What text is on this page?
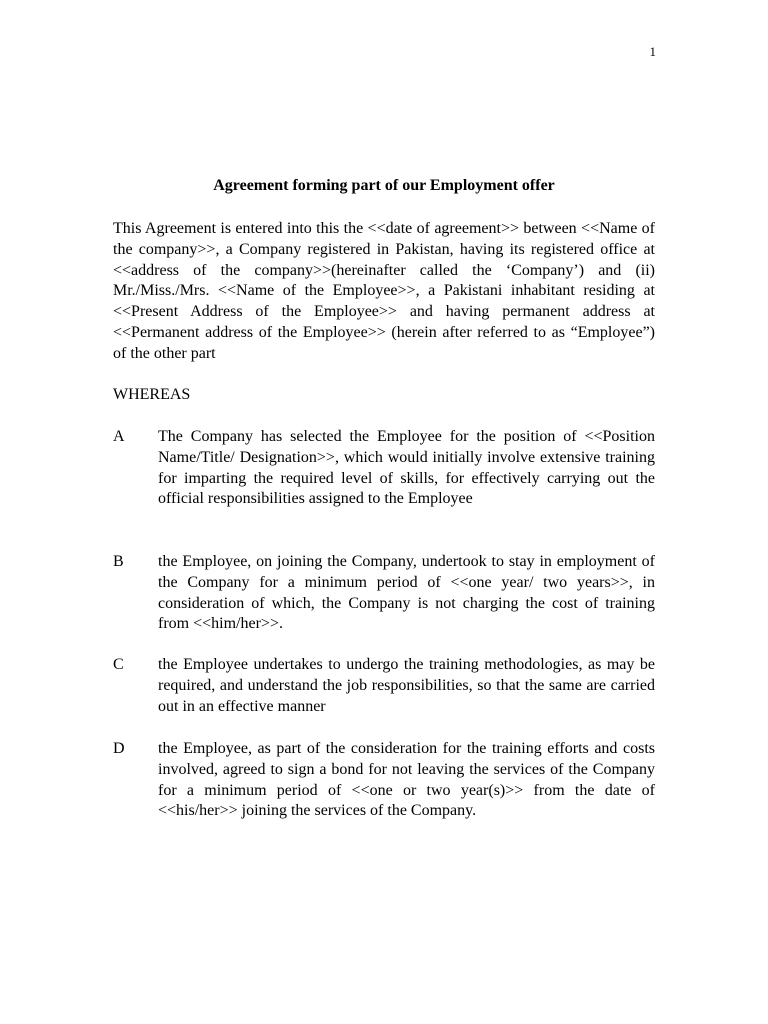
1
Agreement forming part of our Employment offer

This Agreement is entered into this the <<date of agreement>> between <<Name of the company>>, a Company registered in Pakistan, having its registered office at <<address of the company>>(hereinafter called the ‘Company’) and (ii) Mr./Miss./Mrs. <<Name of the Employee>>, a Pakistani inhabitant residing at <<Present Address of the Employee>> and having permanent address at <<Permanent address of the Employee>> (herein after referred to as “Employee”) of the other part

WHEREAS
A	The Company has selected the Employee for the position of <<Position Name/Title/ Designation>>, which would initially involve extensive training for imparting the required level of skills, for effectively carrying out the official responsibilities assigned to the Employee

B	the Employee, on joining the Company, undertook to stay in employment of the Company for a minimum period of <<one year/ two years>>, in consideration of which, the Company is not charging the cost of training from <<him/her>>.

C	the Employee undertakes to undergo the training methodologies, as may be required, and understand the job responsibilities, so that the same are carried out in an effective manner

D	the Employee, as part of the consideration for the training efforts and costs involved, agreed to sign a bond for not leaving the services of the Company for a minimum period of <<one or two year(s)>> from the date of <<his/her>> joining the services of the Company.
